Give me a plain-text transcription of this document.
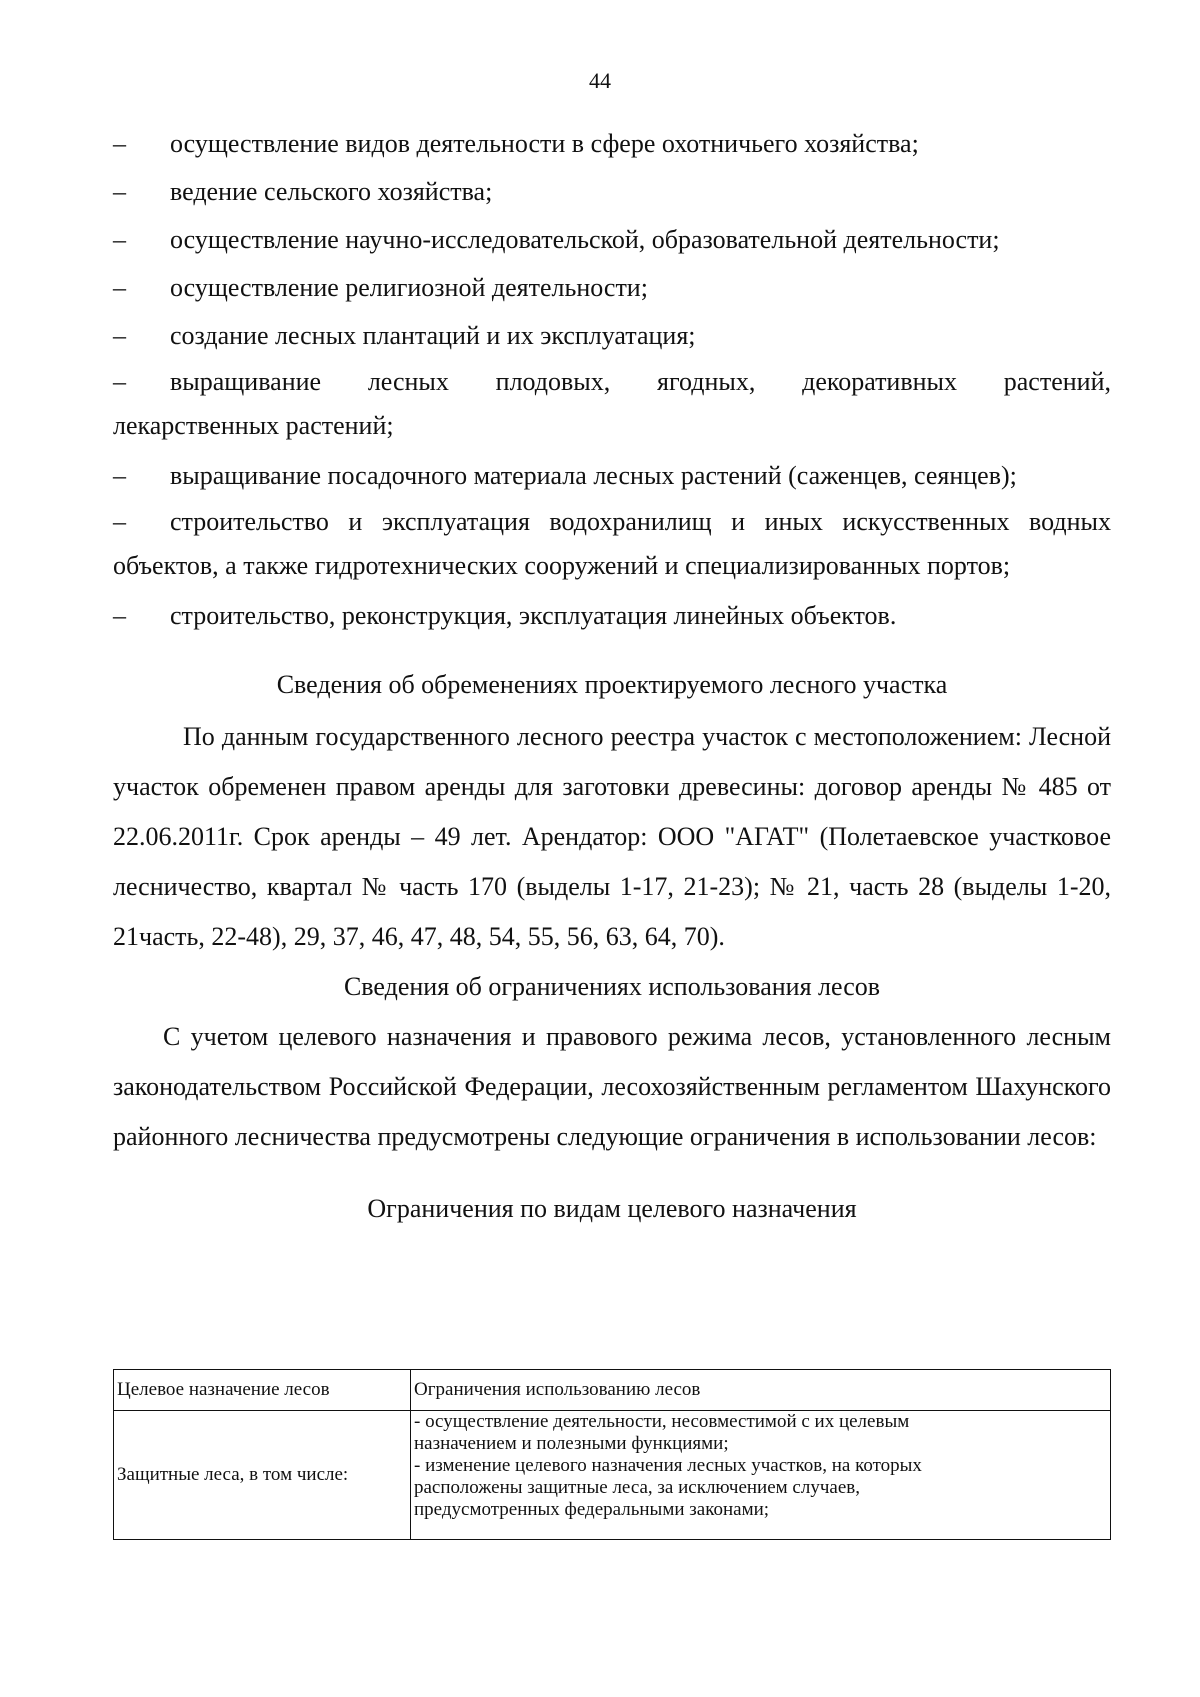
44
–	осуществление видов деятельности в сфере охотничьего хозяйства;
–	ведение сельского хозяйства;
–	осуществление научно-исследовательской, образовательной деятельности;
–	осуществление религиозной деятельности;
–	создание лесных плантаций и их эксплуатация;
–	выращивание лесных плодовых, ягодных, декоративных растений,
лекарственных растений;
–	выращивание посадочного материала лесных растений (саженцев, сеянцев);
–	строительство и эксплуатация водохранилищ и иных искусственных водных
объектов, а также гидротехнических сооружений и специализированных портов;
–	строительство, реконструкция, эксплуатация линейных объектов.
Сведения об обременениях проектируемого лесного участка
По данным государственного лесного реестра участок с местоположением: Лесной участок обременен правом аренды для заготовки древесины: договор аренды № 485 от 22.06.2011г. Срок аренды – 49 лет. Арендатор: ООО "АГАТ" (Полетаевское участковое лесничество, квартал № часть 170 (выделы 1-17, 21-23); № 21, часть 28 (выделы 1-20, 21часть, 22-48), 29, 37, 46, 47, 48, 54, 55, 56, 63, 64, 70).
Сведения об ограничениях использования лесов
С учетом целевого назначения и правового режима лесов, установленного лесным законодательством Российской Федерации, лесохозяйственным регламентом Шахунского районного лесничества предусмотрены следующие ограничения в использовании лесов:
Ограничения по видам целевого назначения
Целевое назначение лесов	Ограничения использованию лесов
Защитные леса, в том числе:	- осуществление деятельности, несовместимой с их целевым
назначением и полезными функциями;
- изменение целевого назначения лесных участков, на которых
расположены защитные леса, за исключением случаев,
предусмотренных федеральными законами;
